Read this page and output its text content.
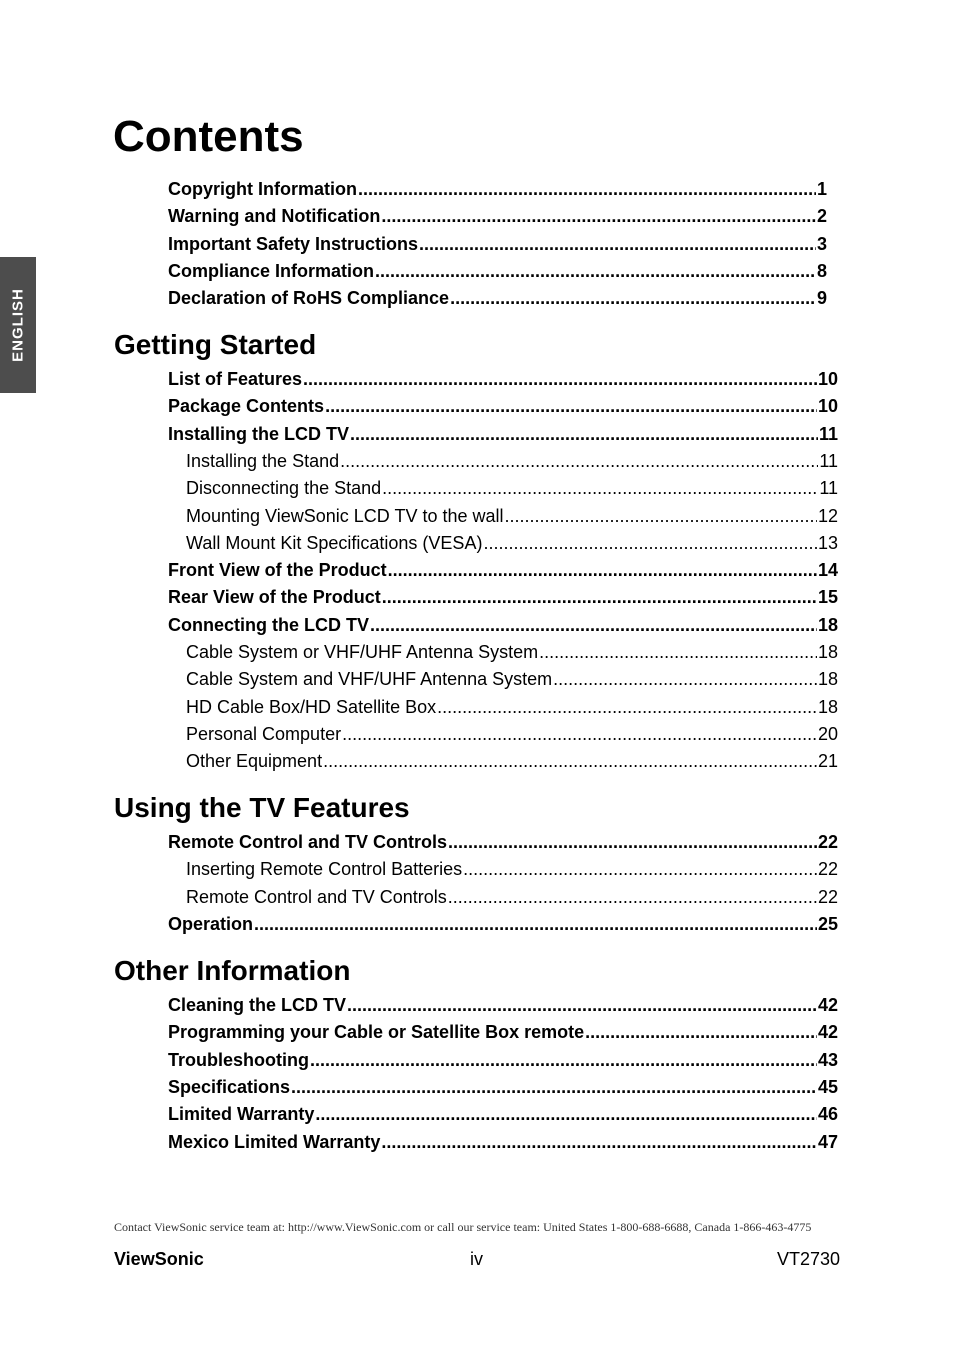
ENGLISH
Contents
Copyright Information .....	1
Warning and Notification .....	2
Important Safety Instructions .....	3
Compliance Information .....	8
Declaration of RoHS Compliance .....	9
Getting Started
List of Features .....	10
Package Contents .....	10
Installing the LCD TV .....	11
Installing the Stand .....	11
Disconnecting the Stand .....	11
Mounting ViewSonic LCD TV to the wall .....	12
Wall Mount Kit Specifications (VESA) .....	13
Front View of the Product .....	14
Rear View of the Product .....	15
Connecting the LCD TV .....	18
Cable System or VHF/UHF Antenna System .....	18
Cable System and VHF/UHF Antenna System .....	18
HD Cable Box/HD Satellite Box .....	18
Personal Computer .....	20
Other Equipment .....	21
Using the TV Features
Remote Control and TV Controls .....	22
Inserting Remote Control Batteries .....	22
Remote Control and TV Controls .....	22
Operation .....	25
Other Information
Cleaning the LCD TV .....	42
Programming your Cable or Satellite Box remote .....	42
Troubleshooting .....	43
Specifications .....	45
Limited Warranty .....	46
Mexico Limited Warranty .....	47
Contact ViewSonic service team at: http://www.ViewSonic.com or call our service team: United States 1-800-688-6688, Canada 1-866-463-4775
ViewSonic	iv	VT2730
